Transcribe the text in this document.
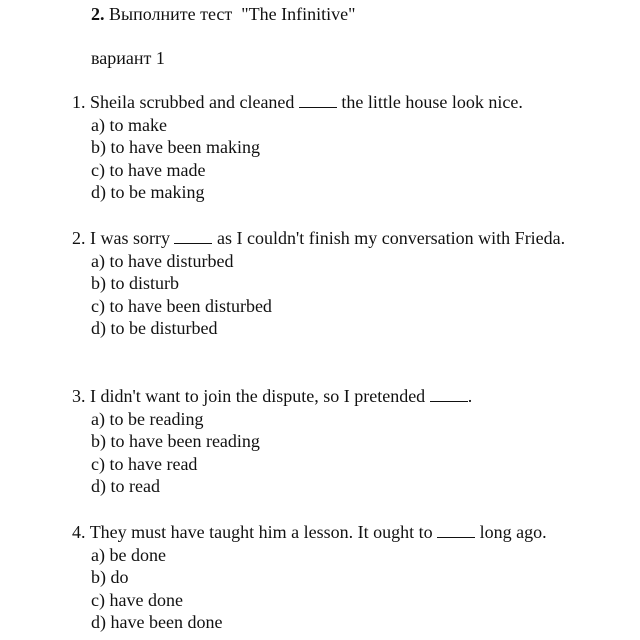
2. Выполните тест  "The Infinitive"
вариант 1
1. Sheila scrubbed and cleaned	the little house look nice.
a) to make
b) to have been making
c) to have made
d) to be making
2. I was sorry	as I couldn't finish my conversation with Frieda.
a) to have disturbed
b) to disturb
c) to have been disturbed
d) to be disturbed
3. I didn't want to join the dispute, so I pretended .
a) to be reading
b) to have been reading
c) to have read
d) to read
4. They must have taught him a lesson. It ought to	long ago.
a) be done
b) do
c) have done
d) have been done
